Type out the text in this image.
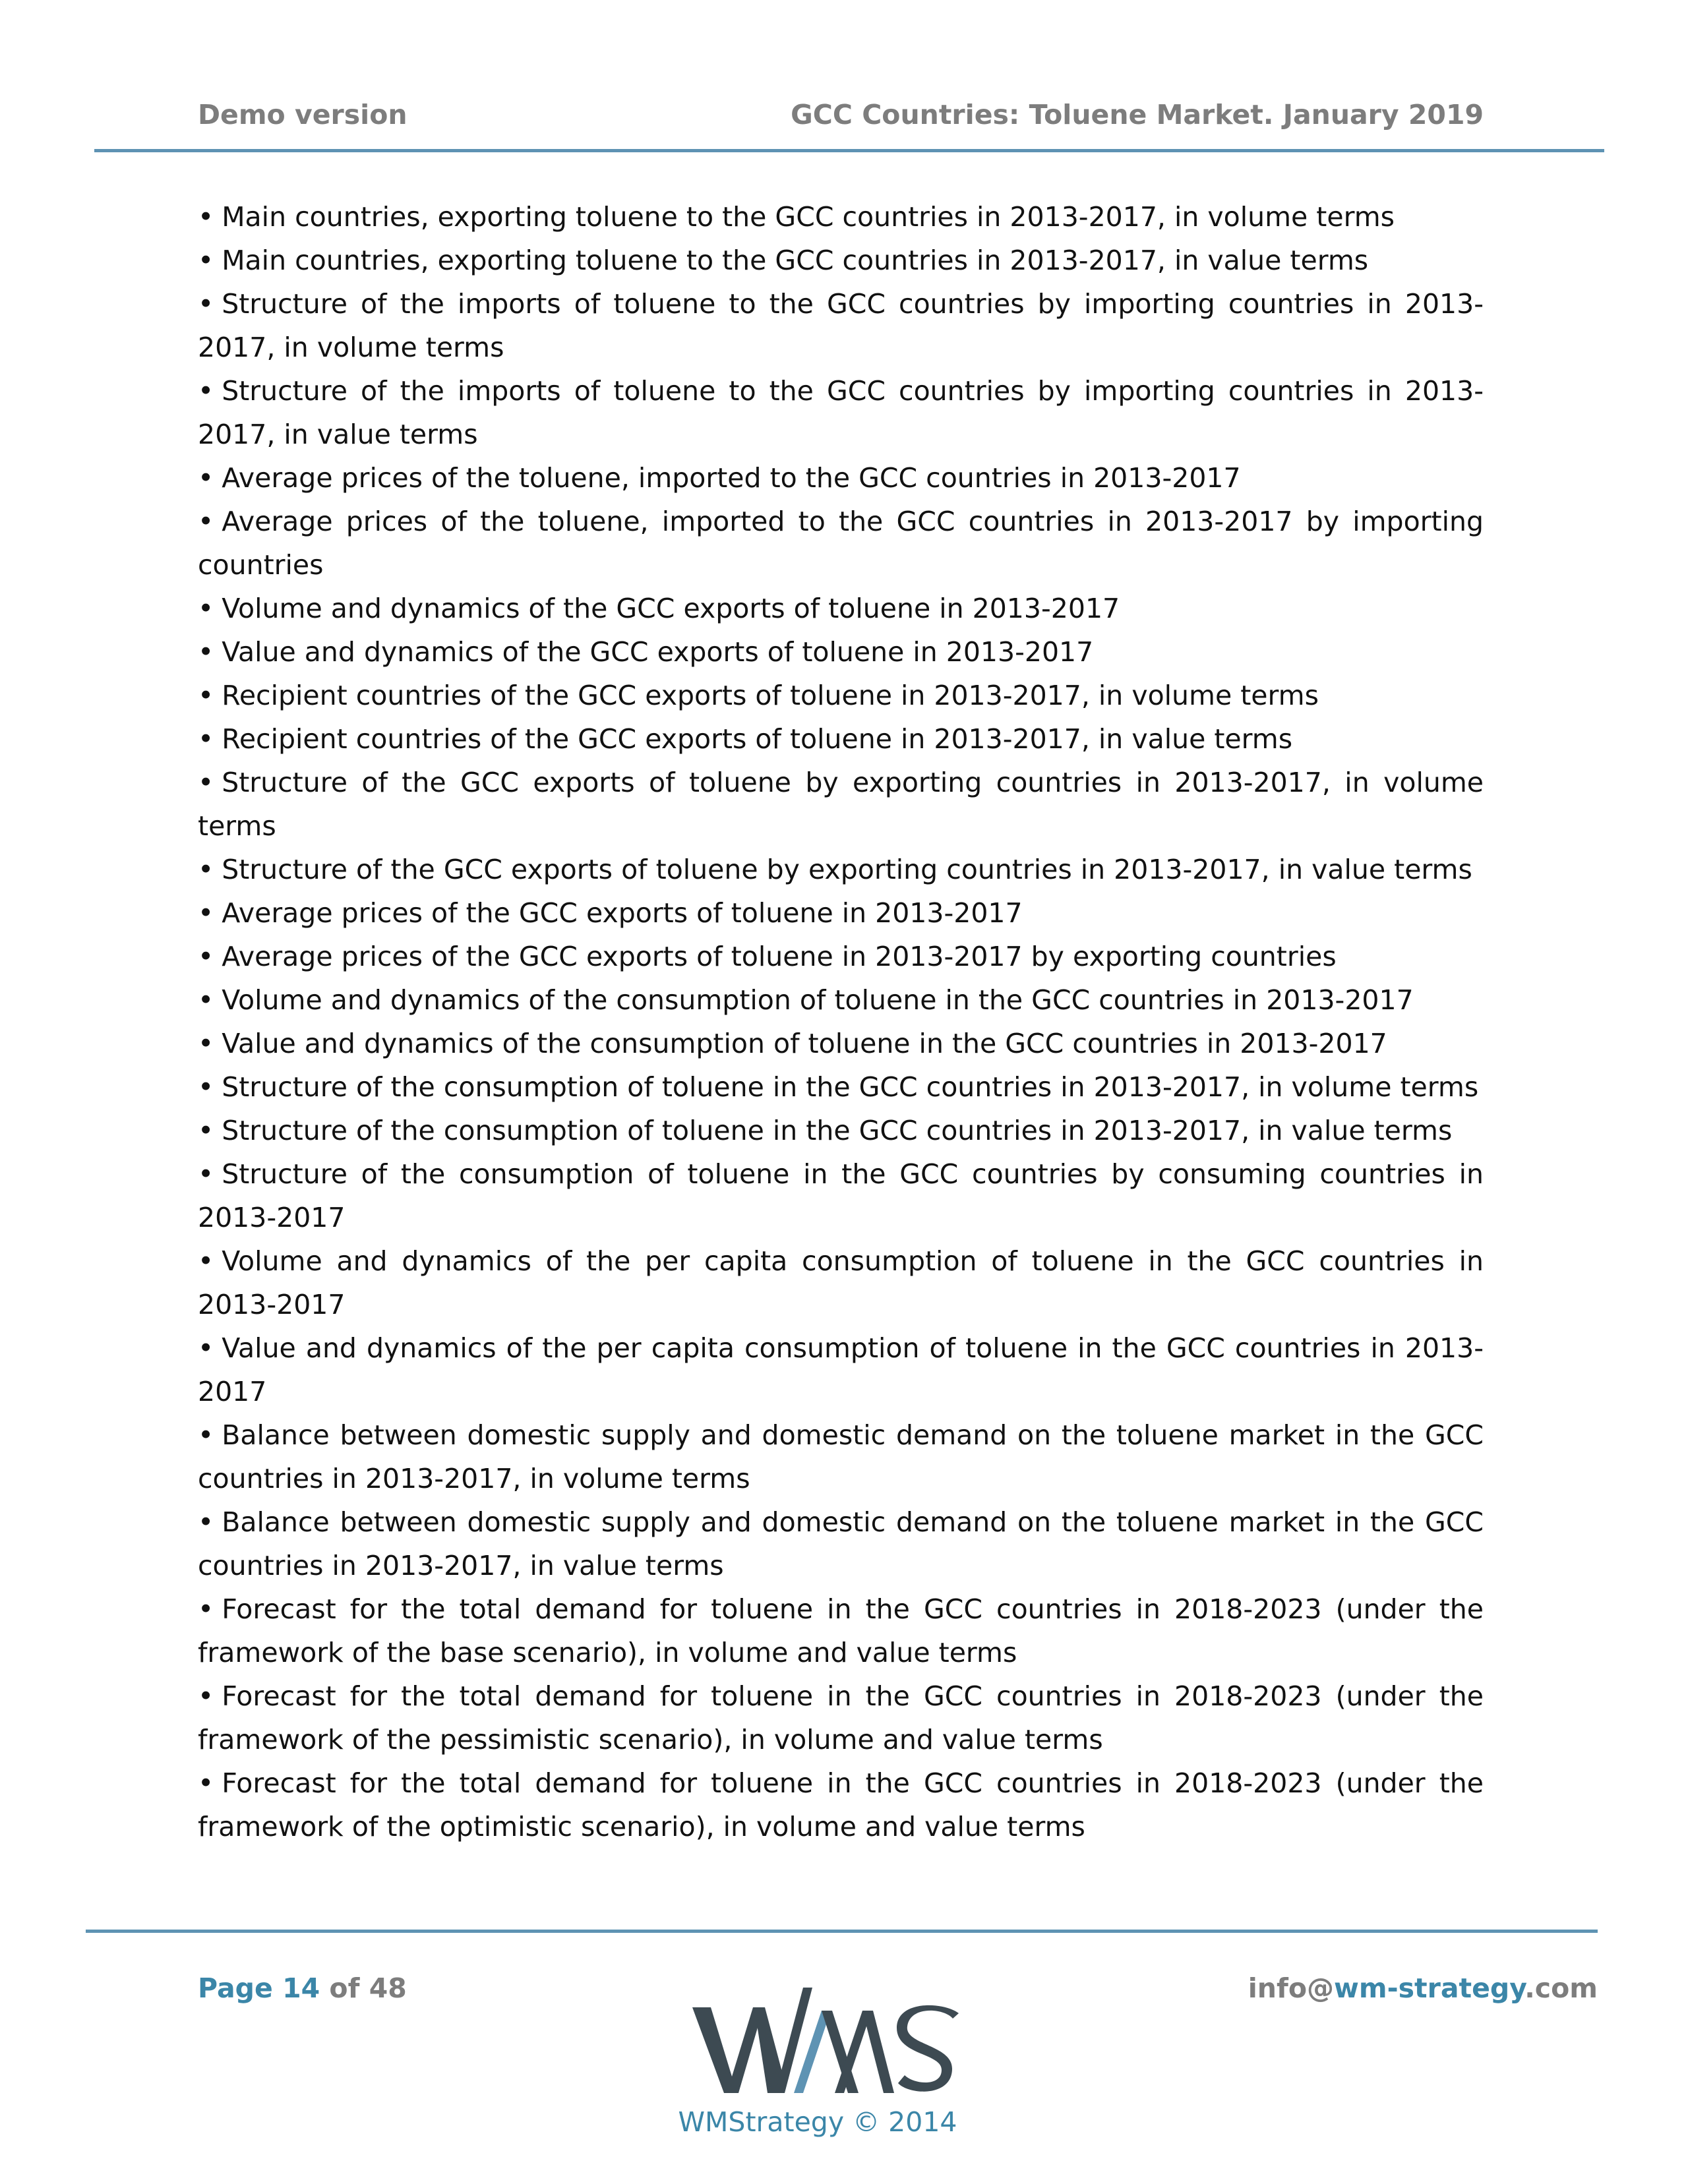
Demo version	GCC Countries: Toluene Market. January 2019

• Main countries, exporting toluene to the GCC countries in 2013-2017, in volume terms

• Main countries, exporting toluene to the GCC countries in 2013-2017, in value terms

• Structure of the imports of toluene to the GCC countries by importing countries in 2013-2017, in volume terms

• Structure of the imports of toluene to the GCC countries by importing countries in 2013-2017, in value terms

• Average prices of the toluene, imported to the GCC countries in 2013-2017

• Average prices of the toluene, imported to the GCC countries in 2013-2017 by importing countries

• Volume and dynamics of the GCC exports of toluene in 2013-2017

• Value and dynamics of the GCC exports of toluene in 2013-2017

• Recipient countries of the GCC exports of toluene in 2013-2017, in volume terms

• Recipient countries of the GCC exports of toluene in 2013-2017, in value terms

• Structure of the GCC exports of toluene by exporting countries in 2013-2017, in volume terms

• Structure of the GCC exports of toluene by exporting countries in 2013-2017, in value terms

• Average prices of the GCC exports of toluene in 2013-2017

• Average prices of the GCC exports of toluene in 2013-2017 by exporting countries

• Volume and dynamics of the consumption of toluene in the GCC countries in 2013-2017

• Value and dynamics of the consumption of toluene in the GCC countries in 2013-2017

• Structure of the consumption of toluene in the GCC countries in 2013-2017, in volume terms

• Structure of the consumption of toluene in the GCC countries in 2013-2017, in value terms

• Structure of the consumption of toluene in the GCC countries by consuming countries in 2013-2017

• Volume and dynamics of the per capita consumption of toluene in the GCC countries in 2013-2017

• Value and dynamics of the per capita consumption of toluene in the GCC countries in 2013-2017

• Balance between domestic supply and domestic demand on the toluene market in the GCC countries in 2013-2017, in volume terms

• Balance between domestic supply and domestic demand on the toluene market in the GCC countries in 2013-2017, in value terms

• Forecast for the total demand for toluene in the GCC countries in 2018-2023 (under the framework of the base scenario), in volume and value terms

• Forecast for the total demand for toluene in the GCC countries in 2018-2023 (under the framework of the pessimistic scenario), in volume and value terms

• Forecast for the total demand for toluene in the GCC countries in 2018-2023 (under the framework of the optimistic scenario), in volume and value terms

Page 14 of 48	info@wm-strategy.com
WMStrategy © 2014
